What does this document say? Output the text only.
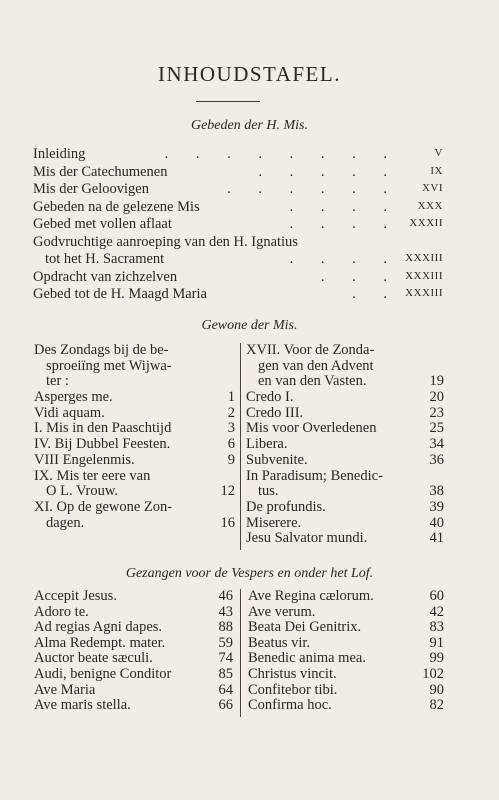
INHOUDSTAFEL.
Gebeden der H. Mis.
Inleiding	. . . . . . . .	V
Mis der Catechumenen	. . . . .	IX
Mis der Geloovigen	. . . . . .	XVI
Gebeden na de gelezene Mis	. . . .	XXX
Gebed met vollen aflaat	. . . . XXXII
Godvruchtige aanroeping van den H. Ignatius
tot het H. Sacrament	. . . . XXXIII
Opdracht van zichzelven	. . . XXXIII
Gebed tot de H. Maagd Maria	. . XXXIII
Gewone der Mis.
Des Zondags bij de be-
sproeiïng met Wijwa-
ter :
Asperges me.	1
Vidi aquam.	2
I. Mis in den Paaschtijd	3
IV. Bij Dubbel Feesten.	6
VIII Engelenmis.	9
IX. Mis ter eere van
O L. Vrouw.	12
XI. Op de gewone Zon-
dagen.	16
XVII. Voor de Zonda-
gen van den Advent
en van den Vasten.	19
Credo I.	20
Credo III.	23
Mis voor Overledenen	25
Libera.	34
Subvenite.	36
In Paradisum; Benedic-
tus.	38
De profundis.	39
Miserere.	40
Jesu Salvator mundi.	41
Gezangen voor de Vespers en onder het Lof.
Accepit Jesus.	46
Adoro te.	43
Ad regias Agni dapes.	88
Alma Redempt. mater.	59
Auctor beate sæculi.	74
Audi, benigne Conditor	85
Ave Maria	64
Ave maris stella.	66
Ave Regina cælorum.	60
Ave verum.	42
Beata Dei Genitrix.	83
Beatus vir.	91
Benedic anima mea.	99
Christus vincit.	102
Confitebor tibi.	90
Confirma hoc.	82
